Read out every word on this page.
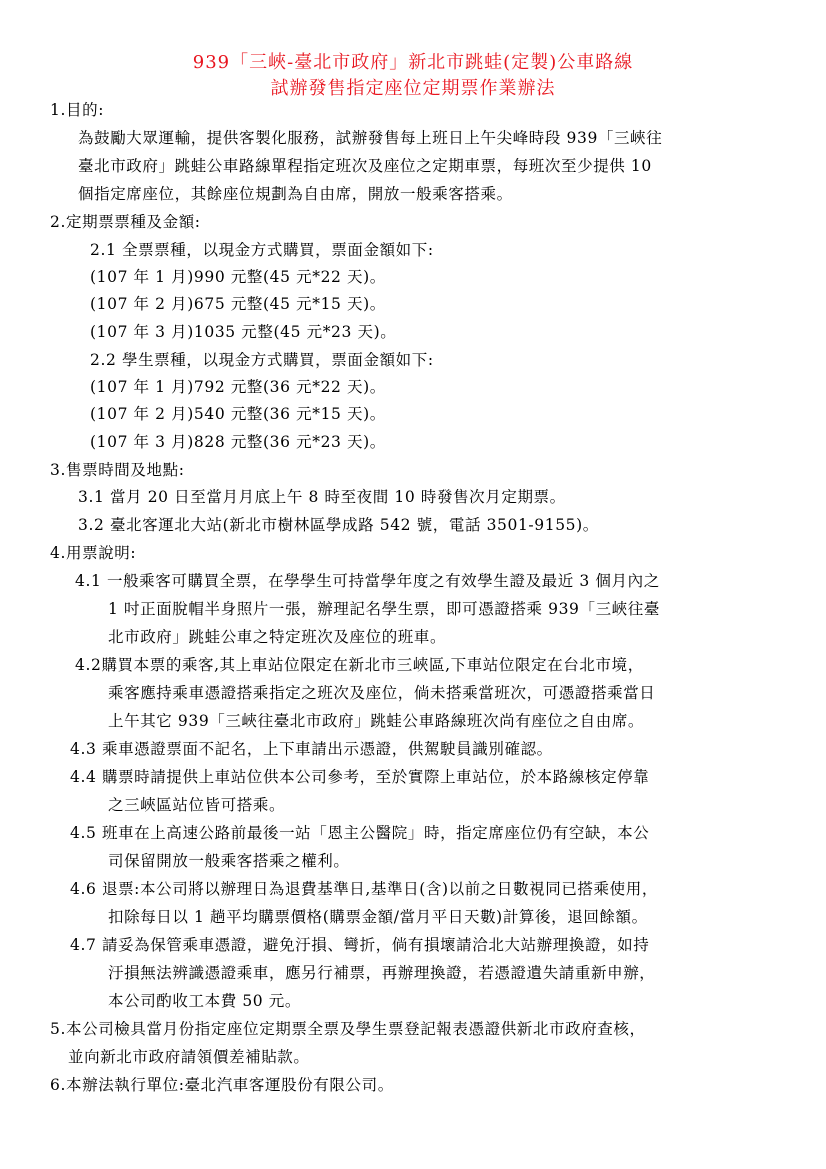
939「三峽-臺北市政府」新北市跳蛙(定製)公車路線
試辦發售指定座位定期票作業辦法
1.目的:
為鼓勵大眾運輸，提供客製化服務，試辦發售每上班日上午尖峰時段 939「三峽往
臺北市政府」跳蛙公車路線單程指定班次及座位之定期車票，每班次至少提供 10
個指定席座位，其餘座位規劃為自由席，開放一般乘客搭乘。
2.定期票票種及金額:
2.1 全票票種，以現金方式購買，票面金額如下:
(107 年 1 月)990 元整(45 元*22 天)。
(107 年 2 月)675 元整(45 元*15 天)。
(107 年 3 月)1035 元整(45 元*23 天)。
2.2 學生票種，以現金方式購買，票面金額如下:
(107 年 1 月)792 元整(36 元*22 天)。
(107 年 2 月)540 元整(36 元*15 天)。
(107 年 3 月)828 元整(36 元*23 天)。
3.售票時間及地點:
3.1 當月 20 日至當月月底上午 8 時至夜間 10 時發售次月定期票。
3.2 臺北客運北大站(新北市樹林區學成路 542 號，電話 3501-9155)。
4.用票說明:
4.1 一般乘客可購買全票，在學學生可持當學年度之有效學生證及最近 3 個月內之
1 吋正面脫帽半身照片一張，辦理記名學生票，即可憑證搭乘 939「三峽往臺
北市政府」跳蛙公車之特定班次及座位的班車。
4.2購買本票的乘客,其上車站位限定在新北市三峽區,下車站位限定在台北市境，
乘客應持乘車憑證搭乘指定之班次及座位，倘未搭乘當班次，可憑證搭乘當日
上午其它 939「三峽往臺北市政府」跳蛙公車路線班次尚有座位之自由席。
4.3 乘車憑證票面不記名，上下車請出示憑證，供駕駛員識別確認。
4.4 購票時請提供上車站位供本公司參考，至於實際上車站位，於本路線核定停靠
之三峽區站位皆可搭乘。
4.5 班車在上高速公路前最後一站「恩主公醫院」時，指定席座位仍有空缺，本公
司保留開放一般乘客搭乘之權利。
4.6 退票:本公司將以辦理日為退費基準日,基準日(含)以前之日數視同已搭乘使用，
扣除每日以 1 趟平均購票價格(購票金額/當月平日天數)計算後，退回餘額。
4.7 請妥為保管乘車憑證，避免汙損、彎折，倘有損壞請洽北大站辦理換證，如持
汙損無法辨識憑證乘車，應另行補票，再辦理換證，若憑證遺失請重新申辦，
本公司酌收工本費 50 元。
5.本公司檢具當月份指定座位定期票全票及學生票登記報表憑證供新北市政府查核，
並向新北市政府請領價差補貼款。
6.本辦法執行單位:臺北汽車客運股份有限公司。
